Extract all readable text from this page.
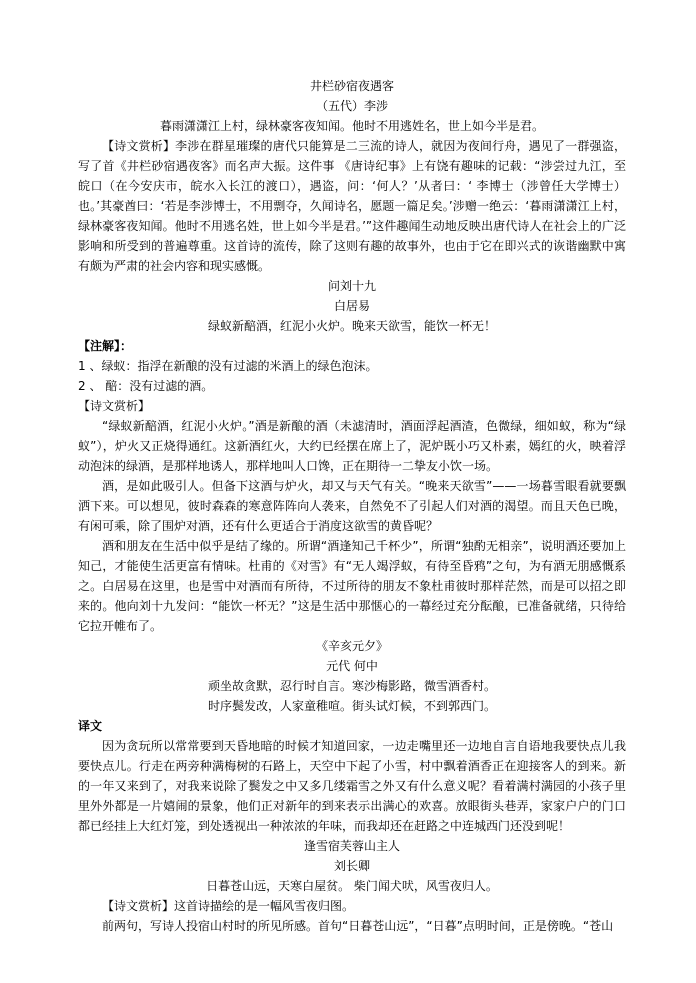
井栏砂宿夜遇客

（五代）李涉

暮雨潇潇江上村，绿林豪客夜知闻。他时不用逃姓名，世上如今半是君。

【诗文赏析】李涉在群星璀璨的唐代只能算是二三流的诗人，就因为夜间行舟，遇见了一群强盗，写了首《井栏砂宿遇夜客》而名声大振。这件事 《唐诗纪事》上有饶有趣味的记载：“涉尝过九江，至皖口（在今安庆市，皖水入长江的渡口），遇盗，问：‘何人？’从者曰：‘ 李博士（涉曾任大学博士）也。’其豪酋曰：‘若是李涉博士，不用剽夺，久闻诗名，愿题一篇足矣。’涉赠一绝云：‘暮雨潇潇江上村，绿林豪客夜知闻。他时不用逃名姓，世上如今半是君。’”这件趣闻生动地反映出唐代诗人在社会上的广泛影响和所受到的普遍尊重。这首诗的流传，除了这则有趣的故事外，也由于它在即兴式的诙谐幽默中寓有颇为严肃的社会内容和现实感慨。

问刘十九

白居易

绿蚁新醅酒，红泥小火炉。晚来天欲雪，能饮一杯无！

【注解】：

1 、绿蚁：指浮在新酿的没有过滤的米酒上的绿色泡沫。

2 、 醅：没有过滤的酒。

【诗文赏析】

“绿蚁新醅酒，红泥小火炉。”酒是新酿的酒（未滤清时，酒面浮起酒渣，色微绿，细如蚁，称为“绿蚁”），炉火又正烧得通红。这新酒红火，大约已经摆在席上了，泥炉既小巧又朴素，嫣红的火，映着浮动泡沫的绿酒，是那样地诱人，那样地叫人口馋，正在期待一二挚友小饮一场。

酒，是如此吸引人。但备下这酒与炉火，却又与天气有关。“晚来天欲雪”——一场暮雪眼看就要飘洒下来。可以想见，彼时森森的寒意阵阵向人袭来，自然免不了引起人们对酒的渴望。而且天色已晚，有闲可乘，除了围炉对酒，还有什么更适合于消度这欲雪的黄昏呢？

酒和朋友在生活中似乎是结了缘的。所谓“酒逢知己千杯少”，所谓“独酌无相亲”，说明酒还要加上知己，才能使生活更富有情味。杜甫的《对雪》有“无人竭浮蚁，有待至昏鸦”之句，为有酒无朋感慨系之。白居易在这里，也是雪中对酒而有所待，不过所待的朋友不象杜甫彼时那样茫然，而是可以招之即来的。他向刘十九发问：“能饮一杯无？”这是生活中那惬心的一幕经过充分酝酿，已准备就绪，只待给它拉开帷布了。

《辛亥元夕》

元代 何中

顽坐故贪默，忍行时自言。寒沙梅影路，微雪酒香村。

时序鬓发改，人家童稚喧。街头试灯候，不到郭西门。

译文

因为贪玩所以常常要到天昏地暗的时候才知道回家，一边走嘴里还一边地自言自语地我要快点儿我要快点儿。行走在两旁种满梅树的石路上，天空中下起了小雪，村中飘着酒香正在迎接客人的到来。新的一年又来到了，对我来说除了鬓发之中又多几缕霜雪之外又有什么意义呢？看着满村满园的小孩子里里外外都是一片嬉闹的景象，他们正对新年的到来表示出满心的欢喜。放眼街头巷弄，家家户户的门口都已经挂上大红灯笼，到处透视出一种浓浓的年味，而我却还在赶路之中连城西门还没到呢！

逢雪宿芙蓉山主人

刘长卿

日暮苍山远，天寒白屋贫。 柴门闻犬吠，风雪夜归人。

【诗文赏析】这首诗描绘的是一幅风雪夜归图。

前两句，写诗人投宿山村时的所见所感。首句“日暮苍山远”，“日暮”点明时间，正是傍晚。“苍山
